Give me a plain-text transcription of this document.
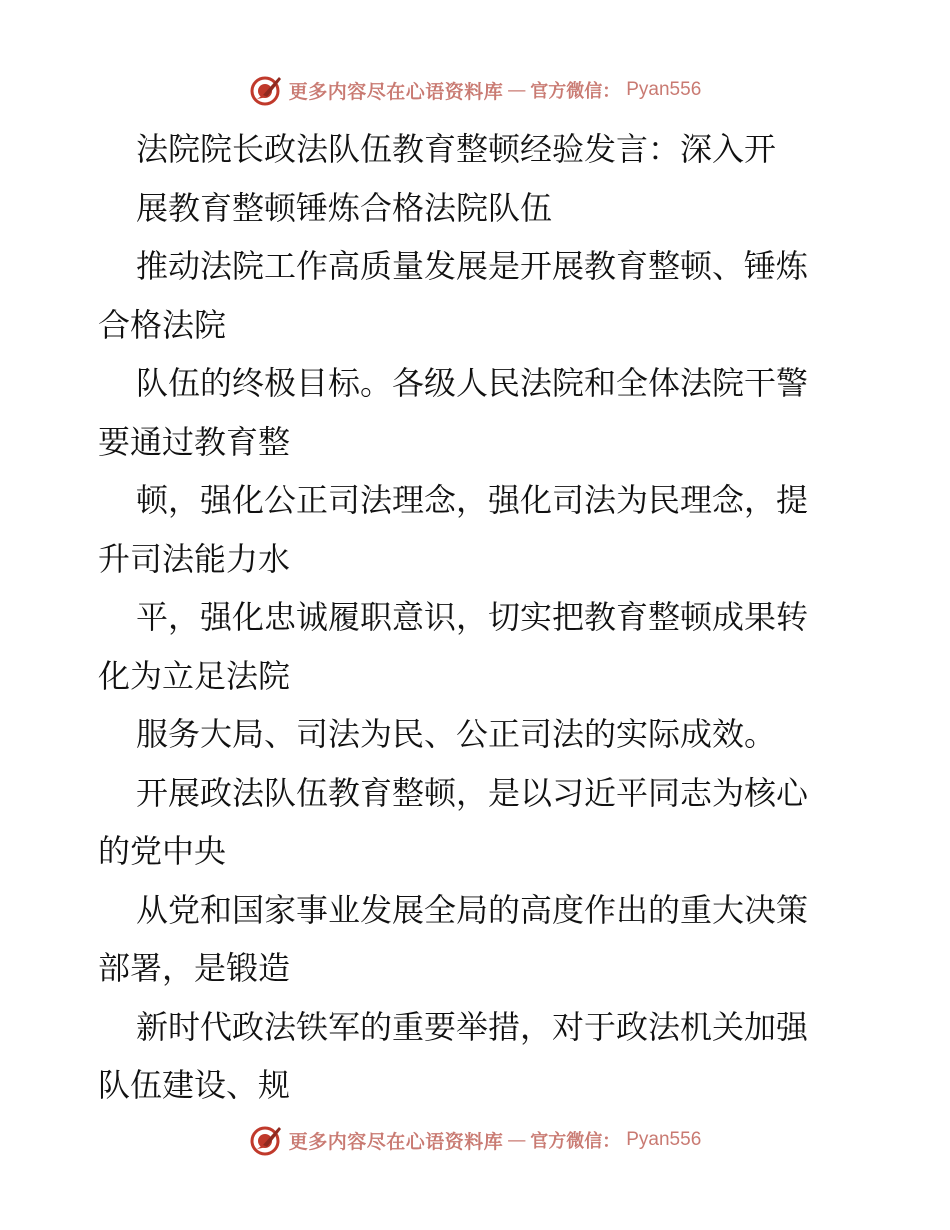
更多内容尽在心语资料库 — 官方微信： Pyan556
法院院长政法队伍教育整顿经验发言：深入开
展教育整顿锤炼合格法院队伍
推动法院工作高质量发展是开展教育整顿、锤炼
合格法院
队伍的终极目标。各级人民法院和全体法院干警
要通过教育整
顿，强化公正司法理念，强化司法为民理念，提
升司法能力水
平，强化忠诚履职意识，切实把教育整顿成果转
化为立足法院
服务大局、司法为民、公正司法的实际成效。
开展政法队伍教育整顿，是以习近平同志为核心
的党中央
从党和国家事业发展全局的高度作出的重大决策
部署，是锻造
新时代政法铁军的重要举措，对于政法机关加强
队伍建设、规
更多内容尽在心语资料库 — 官方微信： Pyan556
